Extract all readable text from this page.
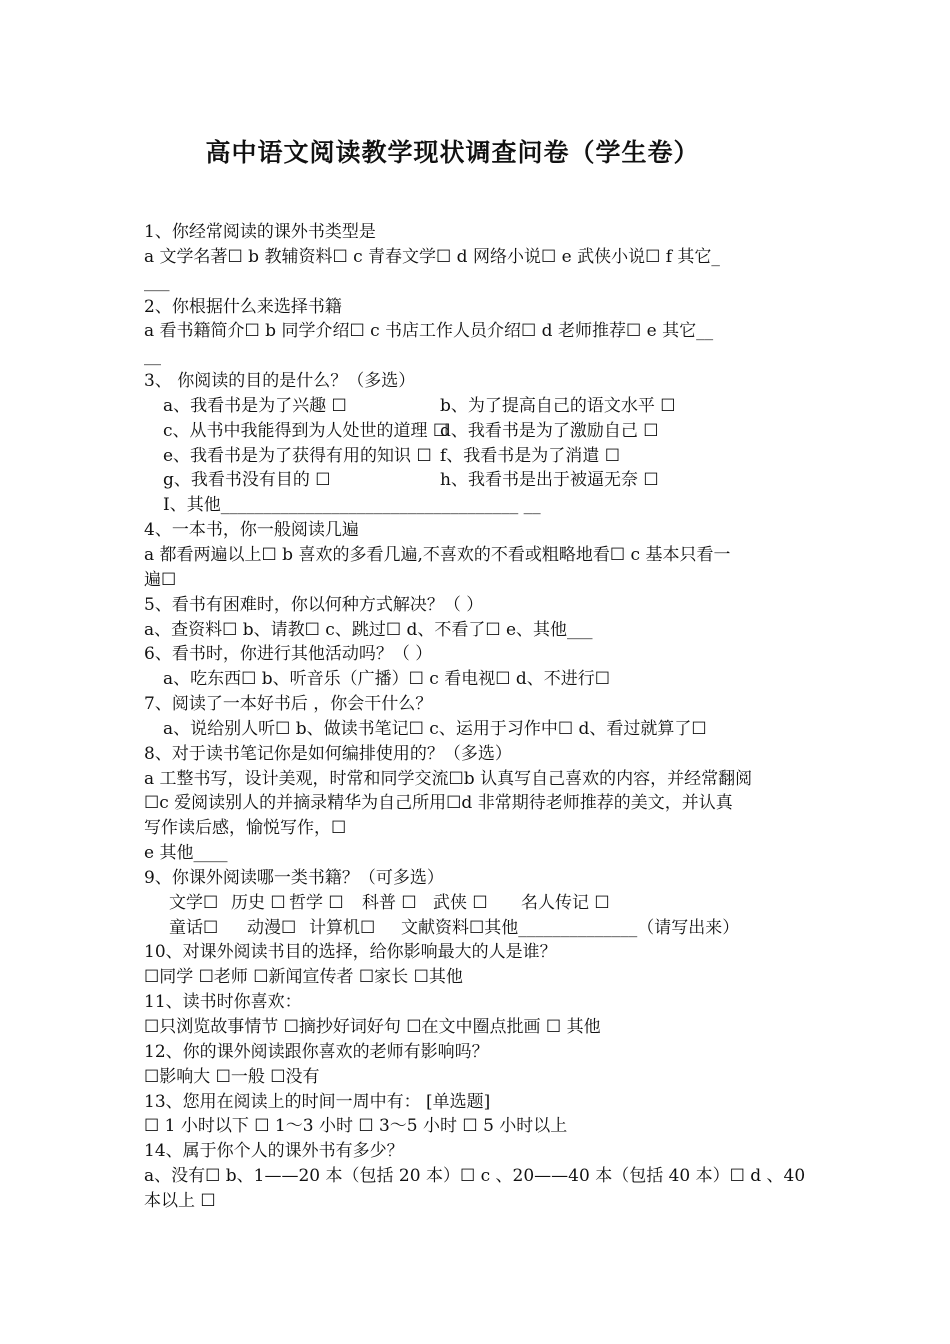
高中语文阅读教学现状调查问卷（学生卷）
1、你经常阅读的课外书类型是
a 文学名著☐ b 教辅资料☐ c 青春文学☐ d 网络小说☐ e 武侠小说☐ f 其它_
___
2、你根据什么来选择书籍
a 看书籍简介☐ b 同学介绍☐ c 书店工作人员介绍☐ d 老师推荐☐ e 其它__
__
3、 你阅读的目的是什么？（多选）
a、我看书是为了兴趣 ☐	b、为了提高自己的语文水平 ☐
c、从书中我能得到为人处世的道理 ☐d、我看书是为了激励自己 ☐
e、我看书是为了获得有用的知识 ☐ f、我看书是为了消遣 ☐
g、我看书没有目的 ☐	h、我看书是出于被逼无奈 ☐
I、其他___________________________________ __
4、一本书，你一般阅读几遍
a 都看两遍以上☐ b 喜欢的多看几遍,不喜欢的不看或粗略地看☐ c 基本只看一
遍☐
5、看书有困难时，你以何种方式解决？（ ）
a、查资料☐ b、请教☐ c、跳过☐ d、不看了☐ e、其他___
6、看书时，你进行其他活动吗？（ ）
a、吃东西☐ b、听音乐（广播）☐ c 看电视☐ d、不进行☐
7、阅读了一本好书后 ，你会干什么？
a、说给别人听☐ b、做读书笔记☐ c、运用于习作中☐ d、看过就算了☐
8、对于读书笔记你是如何编排使用的？（多选）
a 工整书写，设计美观，时常和同学交流☐b 认真写自己喜欢的内容，并经常翻阅
☐c 爱阅读别人的并摘录精华为自己所用☐d 非常期待老师推荐的美文，并认真
写作读后感，愉悦写作，☐
e 其他____
9、你课外阅读哪一类书籍？（可多选）
文学☐ 历史 ☐ 哲学 ☐ 科普 ☐ 武侠 ☐ 名人传记 ☐
童话☐ 动漫☐ 计算机☐ 文献资料☐其他______________（请写出来）
10、对课外阅读书目的选择，给你影响最大的人是谁？
☐同学 ☐老师 ☐新闻宣传者 ☐家长 ☐其他
11、读书时你喜欢：
☐只浏览故事情节 ☐摘抄好词好句 ☐在文中圈点批画 ☐ 其他
12、你的课外阅读跟你喜欢的老师有影响吗？
☐影响大 ☐一般 ☐没有
13、您用在阅读上的时间一周中有： [单选题]
☐ 1 小时以下 ☐ 1～3 小时 ☐ 3～5 小时 ☐ 5 小时以上
14、属于你个人的课外书有多少？
a、没有☐ b、1——20 本（包括 20 本）☐ c 、20——40 本（包括 40 本）☐ d 、40
本以上 ☐
